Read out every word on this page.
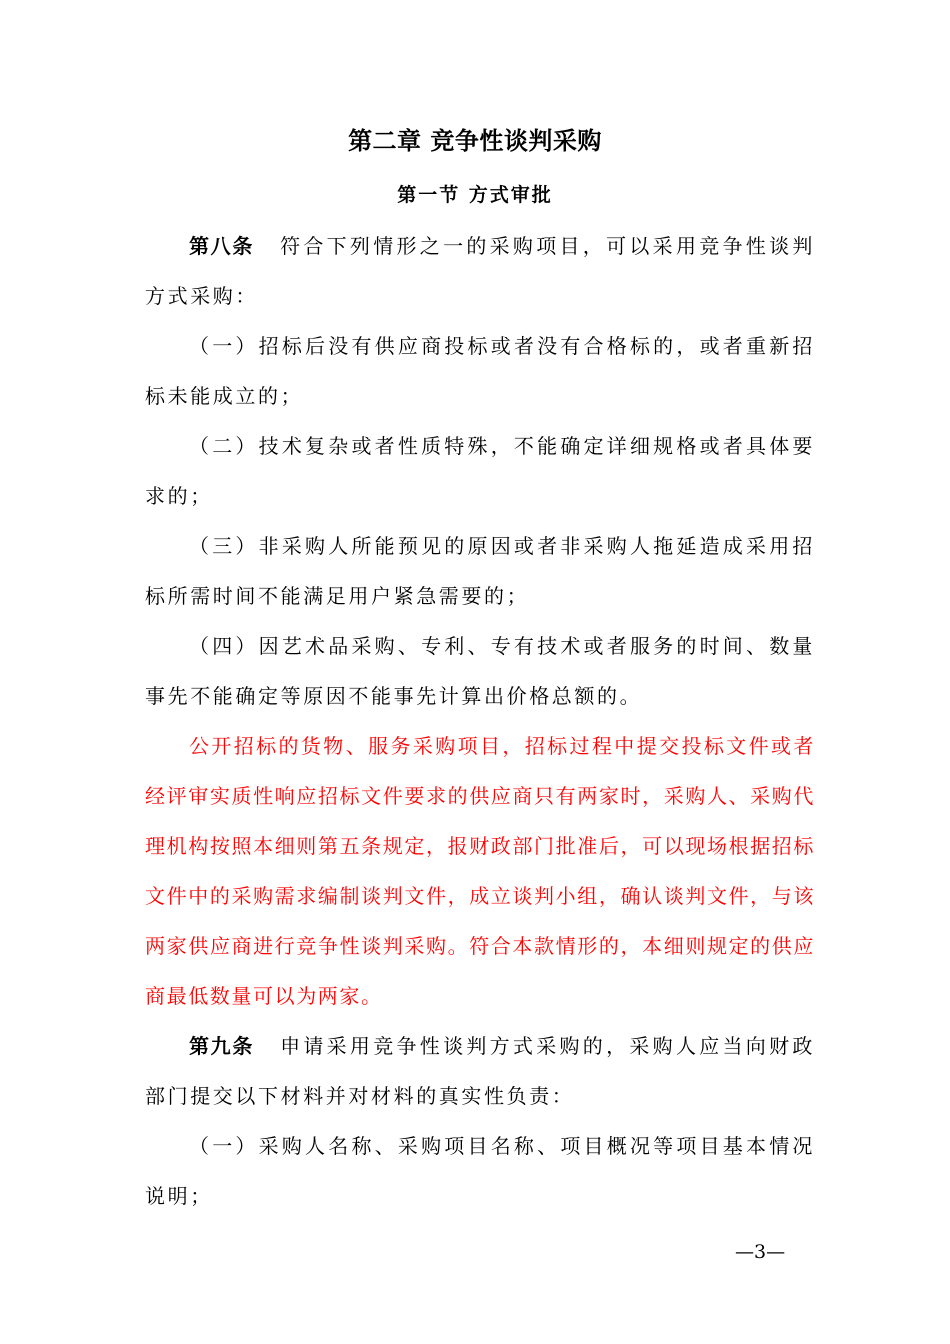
第二章 竞争性谈判采购
第一节 方式审批

第八条 符合下列情形之一的采购项目，可以采用竞争性谈判方式采购：

（一）招标后没有供应商投标或者没有合格标的，或者重新招标未能成立的；

（二）技术复杂或者性质特殊，不能确定详细规格或者具体要求的；

（三）非采购人所能预见的原因或者非采购人拖延造成采用招标所需时间不能满足用户紧急需要的；

（四）因艺术品采购、专利、专有技术或者服务的时间、数量事先不能确定等原因不能事先计算出价格总额的。

公开招标的货物、服务采购项目，招标过程中提交投标文件或者经评审实质性响应招标文件要求的供应商只有两家时，采购人、采购代理机构按照本细则第五条规定，报财政部门批准后，可以现场根据招标文件中的采购需求编制谈判文件，成立谈判小组，确认谈判文件，与该两家供应商进行竞争性谈判采购。符合本款情形的，本细则规定的供应商最低数量可以为两家。

第九条 申请采用竞争性谈判方式采购的，采购人应当向财政部门提交以下材料并对材料的真实性负责：

（一）采购人名称、采购项目名称、项目概况等项目基本情况说明；

—3—
